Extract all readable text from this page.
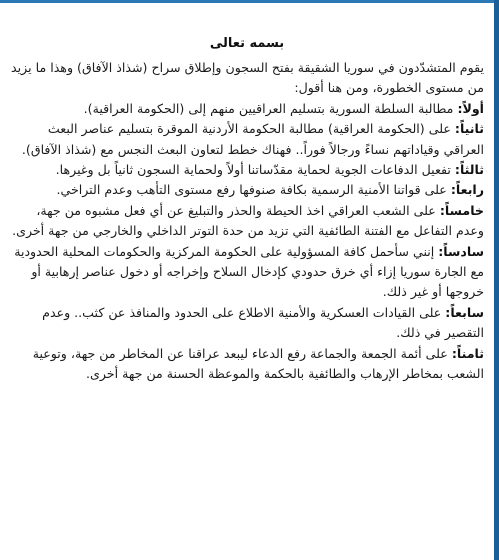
بسمه تعالى

يقوم المتشدّدون في سوريا الشقيقة بفتح السجون وإطلاق سراح (شذاذ الآفاق) وهذا ما يزيد من مستوى الخطورة، ومن هنا أقول:

أولاً: مطالبة السلطة السورية بتسليم العراقيين منهم إلى (الحكومة العراقية).

ثانياً: على (الحكومة العراقية) مطالبة الحكومة الأردنية الموقرة بتسليم عناصر البعث العراقي وقياداتهم نساءً ورجالاً فوراً.. فهناك خطط لتعاون البعث النجس مع (شذاذ الآفاق).

ثالثاً: تفعيل الدفاعات الجوية لحماية مقدّساتنا أولاً ولحماية السجون ثانياً بل وغيرها.

رابعاً: على قواتنا الأمنية الرسمية بكافة صنوفها رفع مستوى التأهب وعدم التراخي.

خامساً: على الشعب العراقي اخذ الحيطة والحذر والتبليغ عن أي فعل مشبوه من جهة، وعدم التفاعل مع الفتنة الطائفية التي تزيد من حدة التوتر الداخلي والخارجي من جهة أخرى.

سادساً: إنني سأحمل كافة المسؤولية على الحكومة المركزية والحكومات المحلية الحدودية مع الجارة سوريا إزاء أي خرق حدودي كإدخال السلاح وإخراجه أو دخول عناصر إرهابية أو خروجها أو غير ذلك.

سابعاً: على القيادات العسكرية والأمنية الاطلاع على الحدود والمنافذ عن كثب.. وعدم التقصير في ذلك.

ثامناً: على أئمة الجمعة والجماعة رفع الدعاء ليبعد عراقنا عن المخاطر من جهة، وتوعية الشعب بمخاطر الإرهاب والطائفية بالحكمة والموعظة الحسنة من جهة أخرى.
